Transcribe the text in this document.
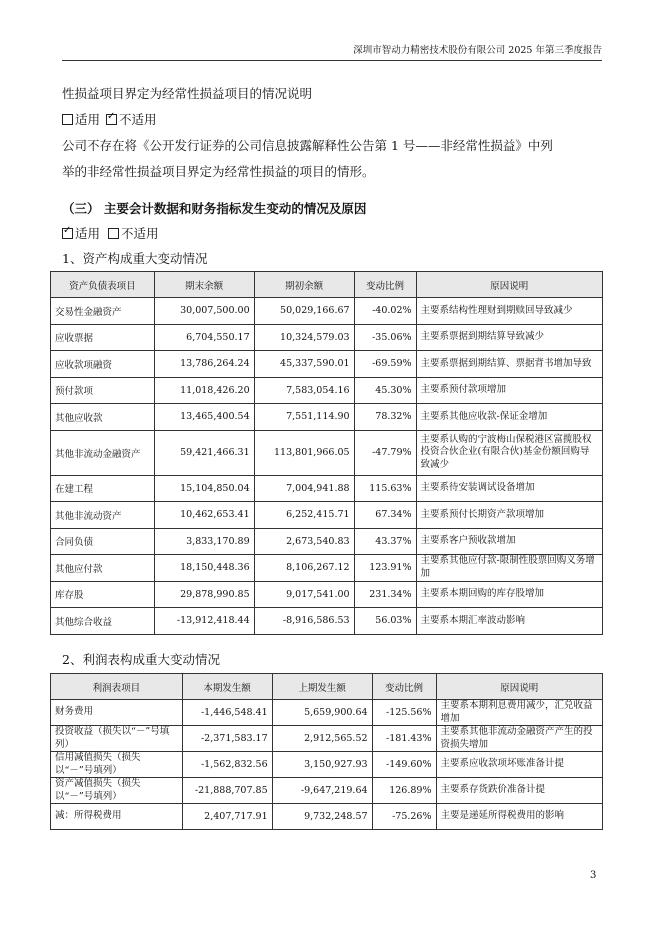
深圳市智动力精密技术股份有限公司 2025 年第三季度报告
性损益项目界定为经常性损益项目的情况说明
适用 ✓ 不适用
公司不存在将《公开发行证券的公司信息披露解释性公告第 1 号——非经常性损益》中列
举的非经常性损益项目界定为经常性损益的项目的情形。
（三） 主要会计数据和财务指标发生变动的情况及原因
✓适用 不适用
1、资产构成重大变动情况
资产负债表项目	期末余额	期初余额	变动比例	原因说明
交易性金融资产	30,007,500.00	50,029,166.67	-40.02%	主要系结构性理财到期赎回导致减少
应收票据	6,704,550.17	10,324,579.03	-35.06%	主要系票据到期结算导致减少
应收款项融资	13,786,264.24	45,337,590.01	-69.59%	主要系票据到期结算、票据背书增加导致
预付款项	11,018,426.20	7,583,054.16	45.30%	主要系预付款项增加
其他应收款	13,465,400.54	7,551,114.90	78.32%	主要系其他应收款-保证金增加
其他非流动金融资产	59,421,466.31	113,801,966.05	-47.79%	主要系认购的宁波梅山保税港区富揽股权投资合伙企业(有限合伙)基金份额回购导致减少
在建工程	15,104,850.04	7,004,941.88	115.63%	主要系待安装调试设备增加
其他非流动资产	10,462,653.41	6,252,415.71	67.34%	主要系预付长期资产款项增加
合同负债	3,833,170.89	2,673,540.83	43.37%	主要系客户预收款增加
其他应付款	18,150,448.36	8,106,267.12	123.91%	主要系其他应付款-限制性股票回购义务增加
库存股	29,878,990.85	9,017,541.00	231.34%	主要系本期回购的库存股增加
其他综合收益	-13,912,418.44	-8,916,586.53	56.03%	主要系本期汇率波动影响
2、利润表构成重大变动情况
利润表项目	本期发生额	上期发生额	变动比例	原因说明
财务费用	-1,446,548.41	5,659,900.64	-125.56%	主要系本期利息费用减少，汇兑收益增加
投资收益（损失以“－”号填列）	-2,371,583.17	2,912,565.52	-181.43%	主要系其他非流动金融资产产生的投资损失增加
信用减值损失（损失以“－”号填列）	-1,562,832.56	3,150,927.93	-149.60%	主要系应收款项坏账准备计提
资产减值损失（损失以“－”号填列）	-21,888,707.85	-9,647,219.64	126.89%	主要系存货跌价准备计提
减：所得税费用	2,407,717.91	9,732,248.57	-75.26%	主要是递延所得税费用的影响
3
